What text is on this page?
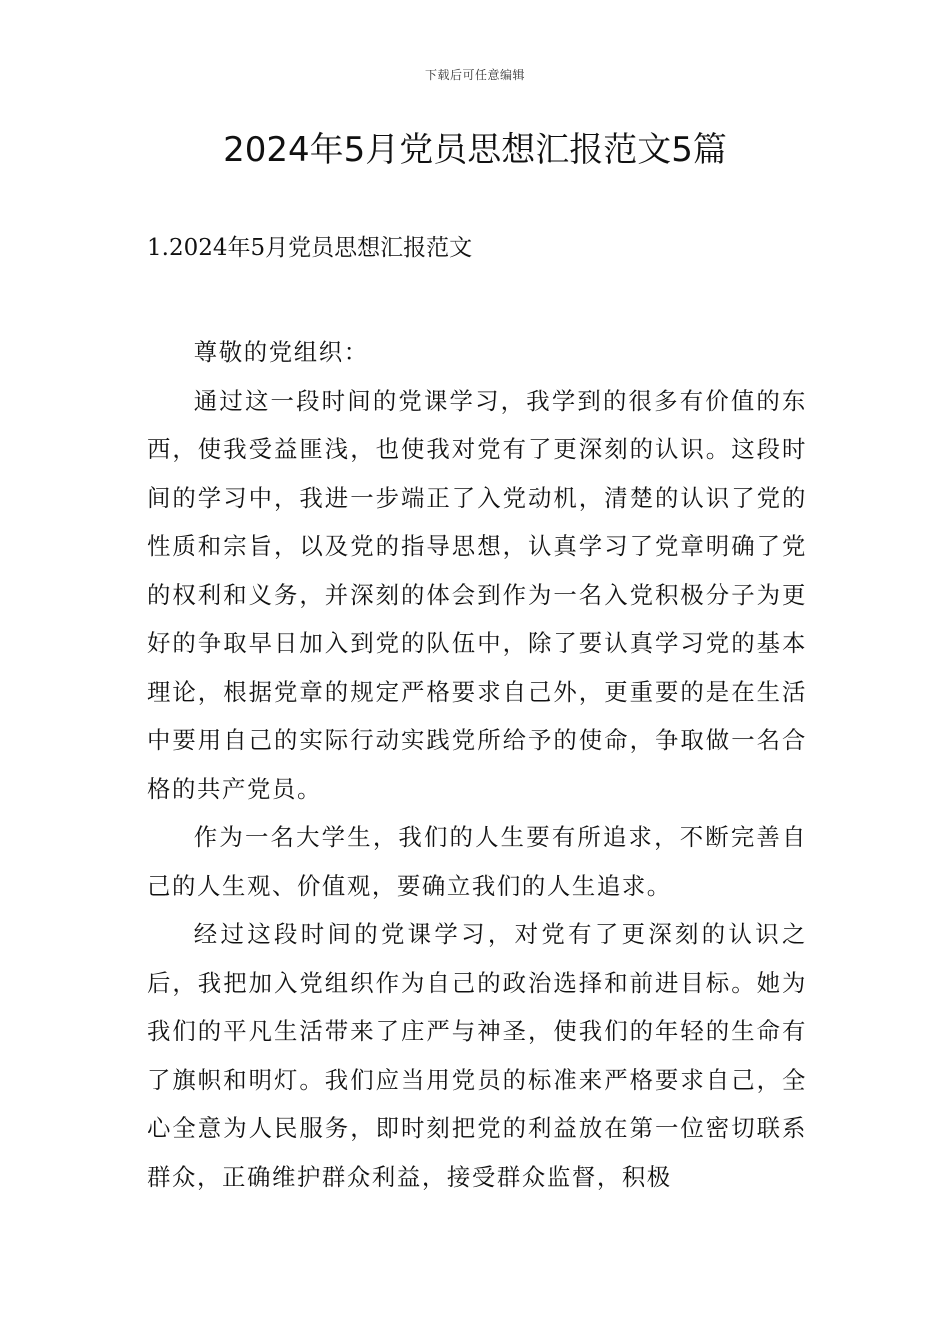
下载后可任意编辑
2024年5月党员思想汇报范文5篇
1.2024年5月党员思想汇报范文

尊敬的党组织：

通过这一段时间的党课学习，我学到的很多有价值的东西，使我受益匪浅，也使我对党有了更深刻的认识。这段时间的学习中，我进一步端正了入党动机，清楚的认识了党的性质和宗旨，以及党的指导思想，认真学习了党章明确了党的权利和义务，并深刻的体会到作为一名入党积极分子为更好的争取早日加入到党的队伍中，除了要认真学习党的基本理论，根据党章的规定严格要求自己外，更重要的是在生活中要用自己的实际行动实践党所给予的使命，争取做一名合格的共产党员。

作为一名大学生，我们的人生要有所追求，不断完善自己的人生观、价值观，要确立我们的人生追求。

经过这段时间的党课学习，对党有了更深刻的认识之后，我把加入党组织作为自己的政治选择和前进目标。她为我们的平凡生活带来了庄严与神圣，使我们的年轻的生命有了旗帜和明灯。我们应当用党员的标准来严格要求自己，全心全意为人民服务，即时刻把党的利益放在第一位密切联系群众，正确维护群众利益，接受群众监督，积极
